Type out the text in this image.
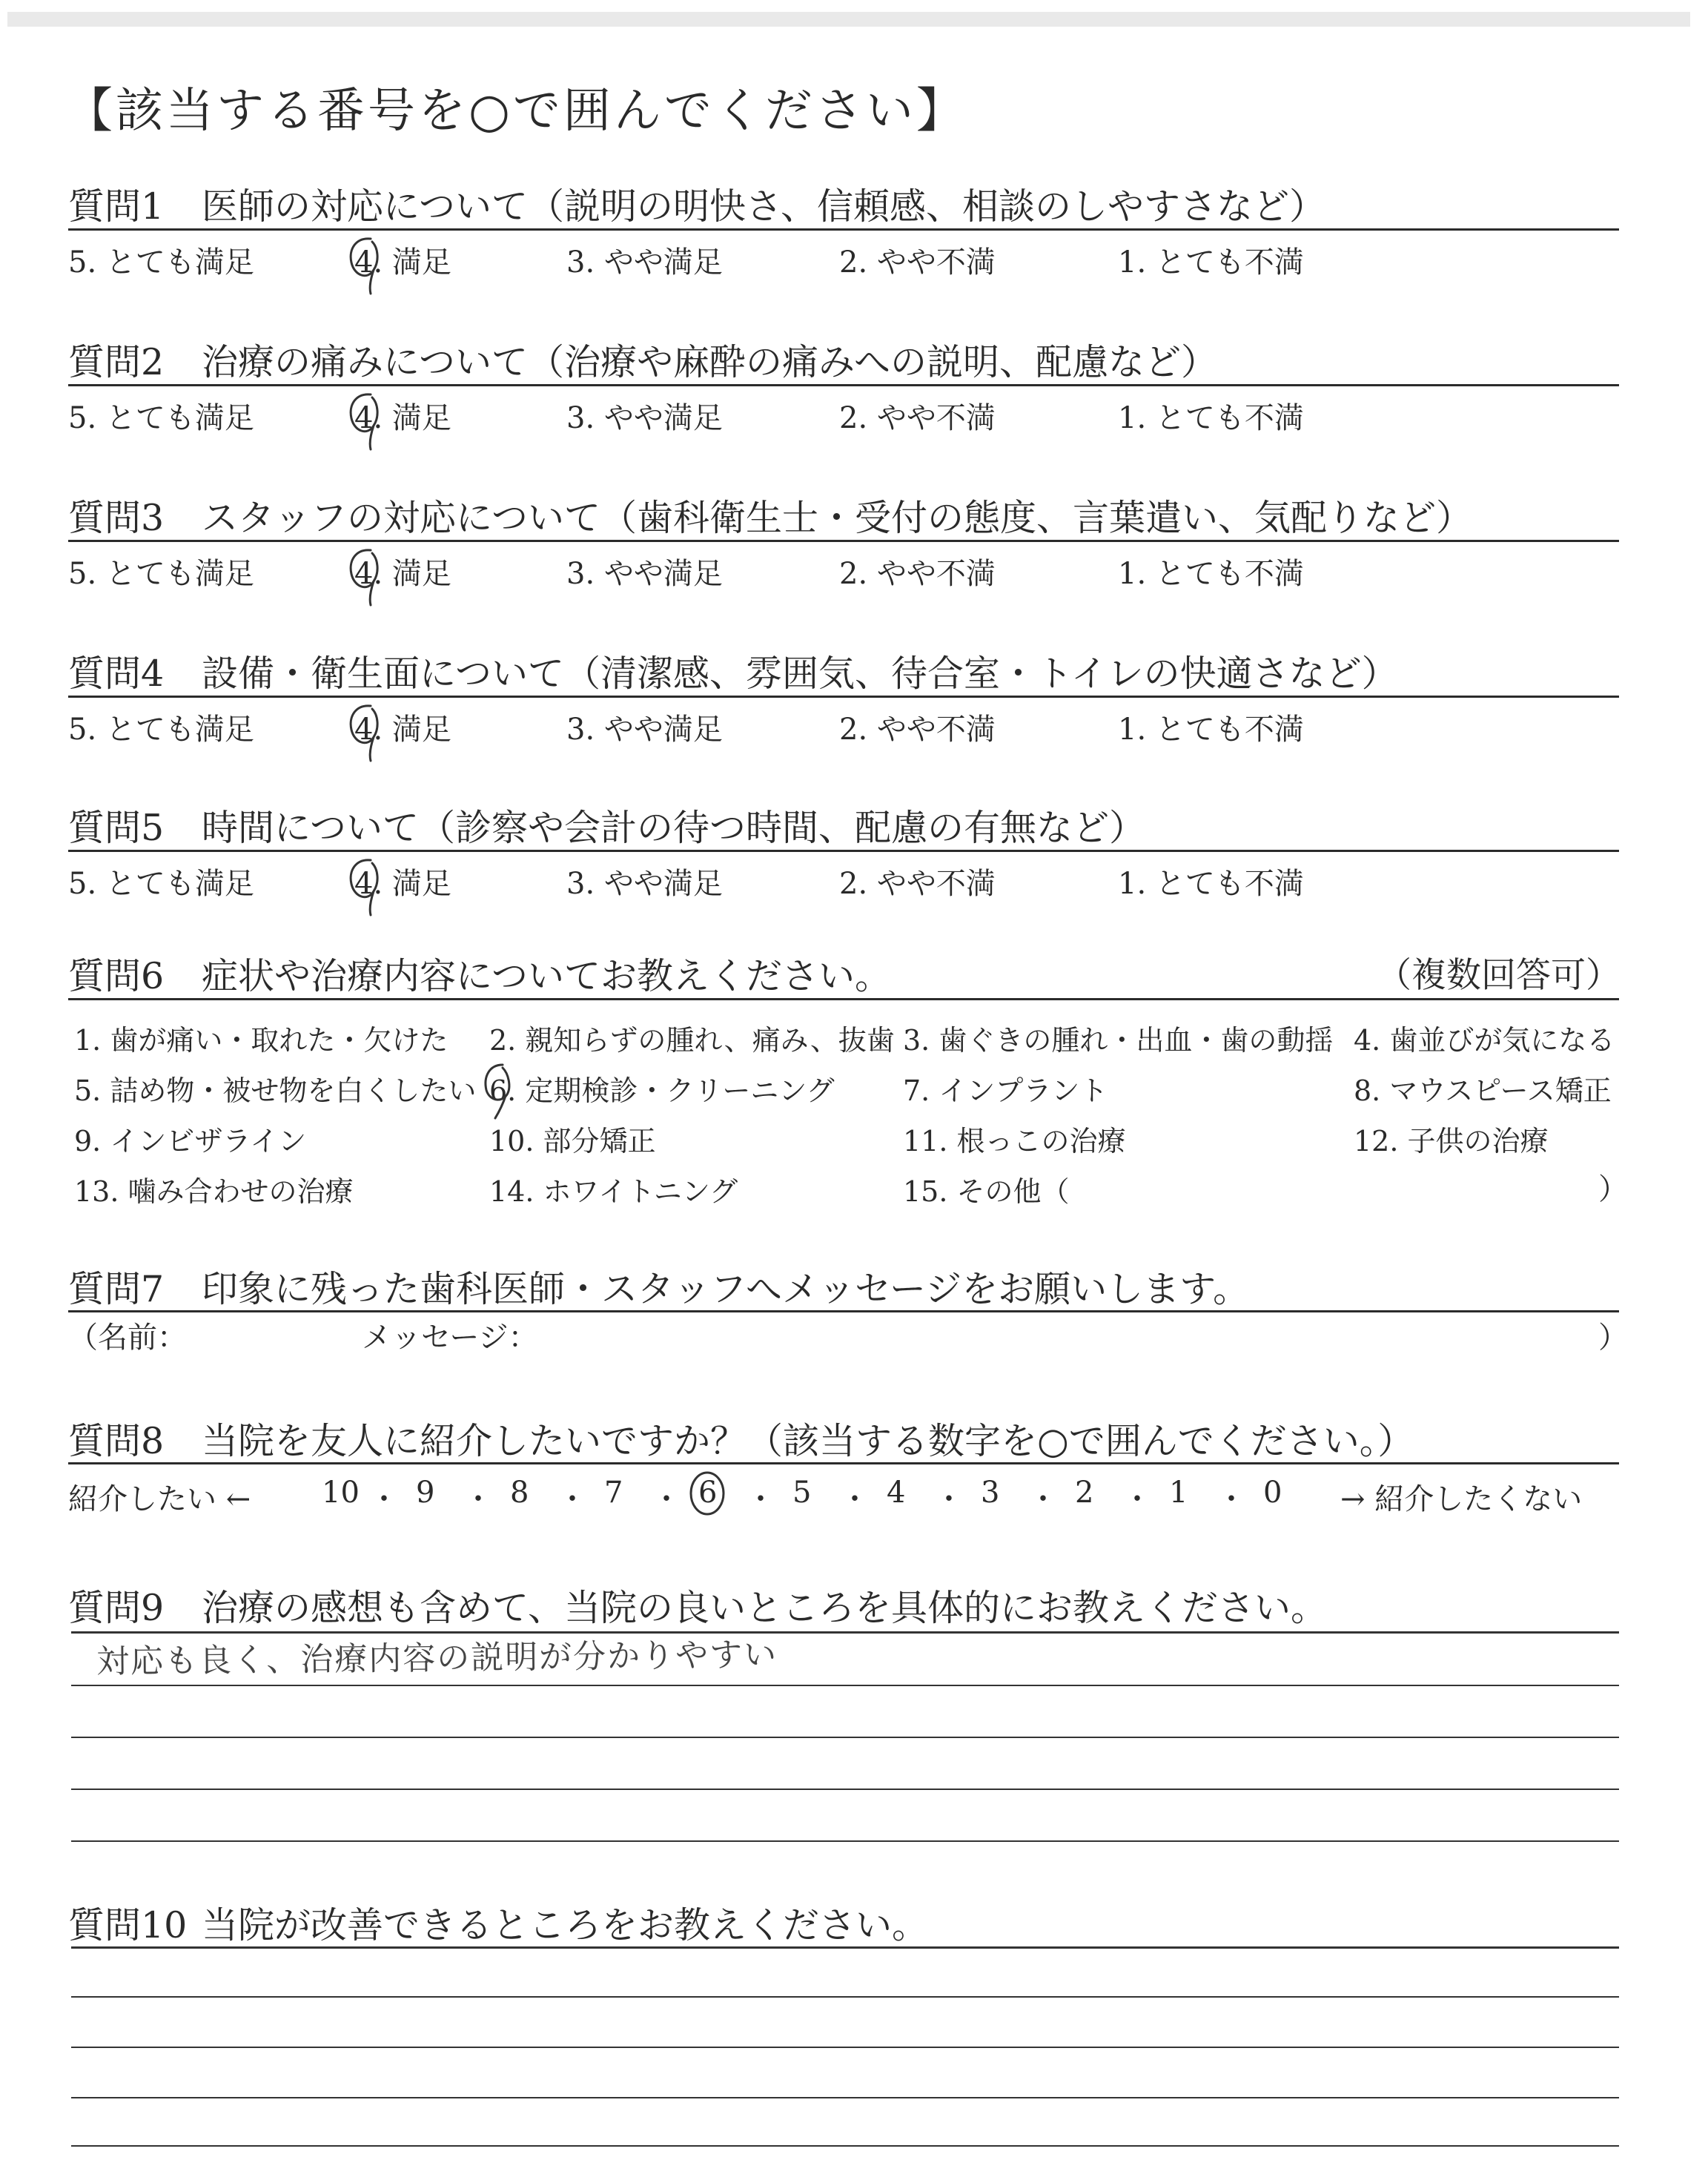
【該当する番号を○で囲んでください】
質問1 医師の対応について（説明の明快さ、信頼感、相談のしやすさなど）
5. とても満足	4. 満足	3. やや満足	2. やや不満	1. とても不満
質問2 治療の痛みについて（治療や麻酔の痛みへの説明、配慮など）
5. とても満足	4. 満足	3. やや満足	2. やや不満	1. とても不満
質問3 スタッフの対応について（歯科衛生士・受付の態度、言葉遣い、気配りなど）
5. とても満足	4. 満足	3. やや満足	2. やや不満	1. とても不満
質問4 設備・衛生面について（清潔感、雰囲気、待合室・トイレの快適さなど）
5. とても満足	4. 満足	3. やや満足	2. やや不満	1. とても不満
質問5 時間について（診察や会計の待つ時間、配慮の有無など）
5. とても満足	4. 満足	3. やや満足	2. やや不満	1. とても不満
質問6 症状や治療内容についてお教えください。	（複数回答可）
1. 歯が痛い・取れた・欠けた 2. 親知らずの腫れ、痛み、抜歯 3. 歯ぐきの腫れ・出血・歯の動揺 4. 歯並びが気になる
5. 詰め物・被せ物を白くしたい 6. 定期検診・クリーニング 7. インプラント	8. マウスピース矯正
9. インビザライン	10. 部分矯正	11. 根っこの治療	12. 子供の治療
13. 噛み合わせの治療	14. ホワイトニング	15. その他（	）
質問7 印象に残った歯科医師・スタッフへメッセージをお願いします。
（名前：	メッセージ：	）
質問8 当院を友人に紹介したいですか？（該当する数字を○で囲んでください。）
紹介したい ← 10 ・ 9 ・ 8 ・ 7 ・ 6 ・ 5 ・ 4 ・ 3 ・ 2 ・ 1 ・ 0 → 紹介したくない
質問9 治療の感想も含めて、当院の良いところを具体的にお教えください。
対応も良く、治療内容の説明が分かりやすい
質問10 当院が改善できるところをお教えください。
